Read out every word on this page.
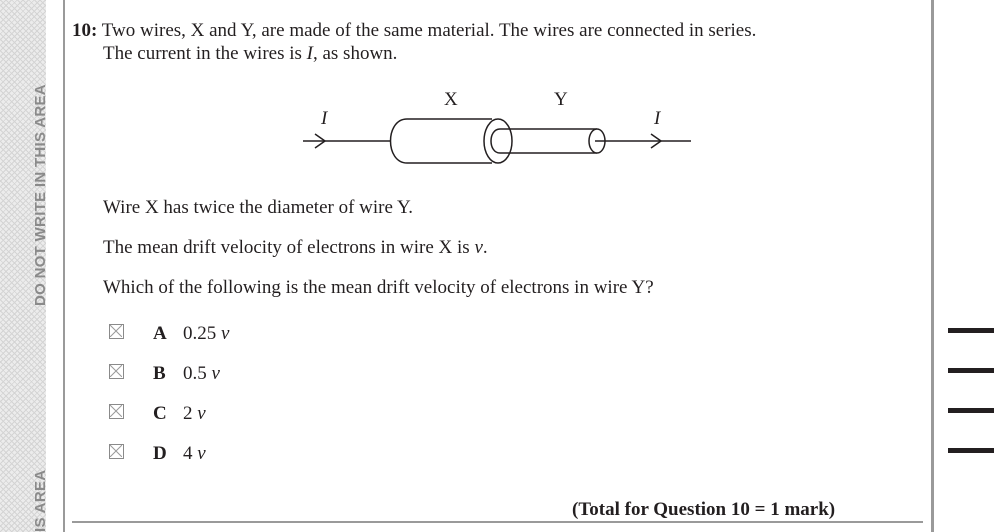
DO NOT WRITE IN THIS AREA
IS AREA
10: Two wires, X and Y, are made of the same material. The wires are connected in series.
The current in the wires is I, as shown.
X	Y
I	I
Wire X has twice the diameter of wire Y.
The mean drift velocity of electrons in wire X is v.
Which of the following is the mean drift velocity of electrons in wire Y?
A 0.25 v
B 0.5 v
C 2 v
D 4 v
(Total for Question 10 = 1 mark)
